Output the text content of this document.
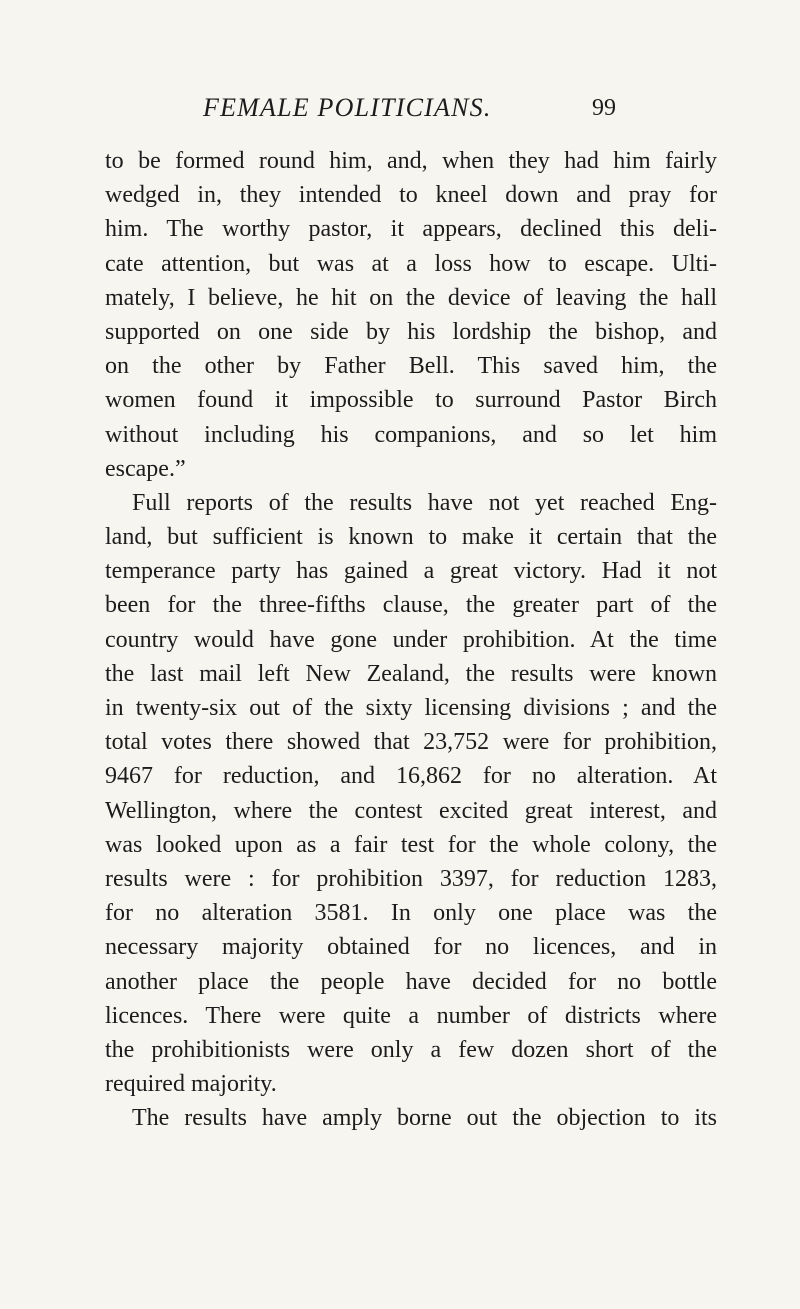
FEMALE POLITICIANS.	99
to be formed round him, and, when they had him fairly
wedged in, they intended to kneel down and pray for
him. The worthy pastor, it appears, declined this deli-
cate attention, but was at a loss how to escape. Ulti-
mately, I believe, he hit on the device of leaving the hall
supported on one side by his lordship the bishop, and
on the other by Father Bell. This saved him, the
women found it impossible to surround Pastor Birch
without including his companions, and so let him
escape.”
Full reports of the results have not yet reached Eng-
land, but sufficient is known to make it certain that the
temperance party has gained a great victory. Had it not
been for the three-fifths clause, the greater part of the
country would have gone under prohibition. At the time
the last mail left New Zealand, the results were known
in twenty-six out of the sixty licensing divisions ; and the
total votes there showed that 23,752 were for prohibition,
9467 for reduction, and 16,862 for no alteration. At
Wellington, where the contest excited great interest, and
was looked upon as a fair test for the whole colony, the
results were : for prohibition 3397, for reduction 1283,
for no alteration 3581. In only one place was the
necessary majority obtained for no licences, and in
another place the people have decided for no bottle
licences. There were quite a number of districts where
the prohibitionists were only a few dozen short of the
required majority.
The results have amply borne out the objection to its
